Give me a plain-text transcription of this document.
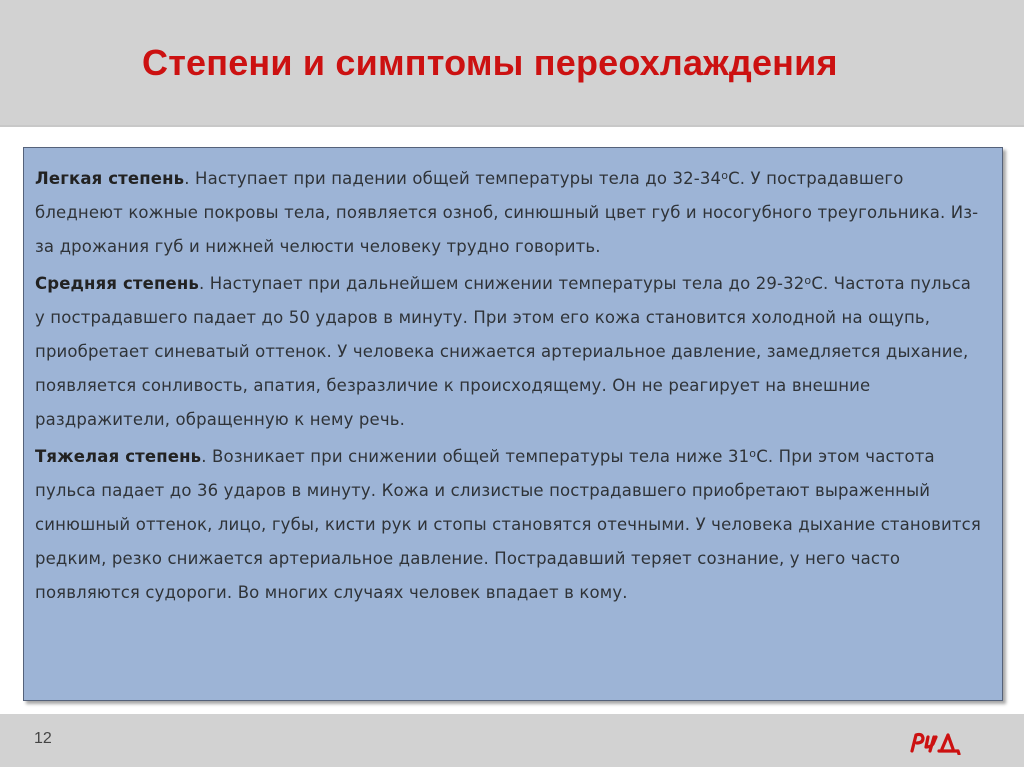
Степени и симптомы переохлаждения

Легкая степень. Наступает при падении общей температуры тела до $32-34^оС$. У пострадавшего бледнеют кожные покровы тела, появляется озноб, синюшный цвет губ и носогубного треугольника. Из-за дрожания губ и нижней челюсти человеку трудно говорить.

Средняя степень. Наступает при дальнейшем снижении температуры тела до $29-32^оС$. Частота пульса у пострадавшего падает до 50 ударов в минуту. При этом его кожа становится холодной на ощупь, приобретает синеватый оттенок. У человека снижается артериальное давление, замедляется дыхание, появляется сонливость, апатия, безразличие к происходящему. Он не реагирует на внешние раздражители, обращенную к нему речь.

Тяжелая степень. Возникает при снижении общей температуры тела ниже $31^оС$. При этом частота пульса падает до 36 ударов в минуту. Кожа и слизистые пострадавшего приобретают выраженный синюшный оттенок, лицо, губы, кисти рук и стопы становятся отечными. У человека дыхание становится редким, резко снижается артериальное давление. Пострадавший теряет сознание, у него часто появляются судороги. Во многих случаях человек впадает в кому.

12
